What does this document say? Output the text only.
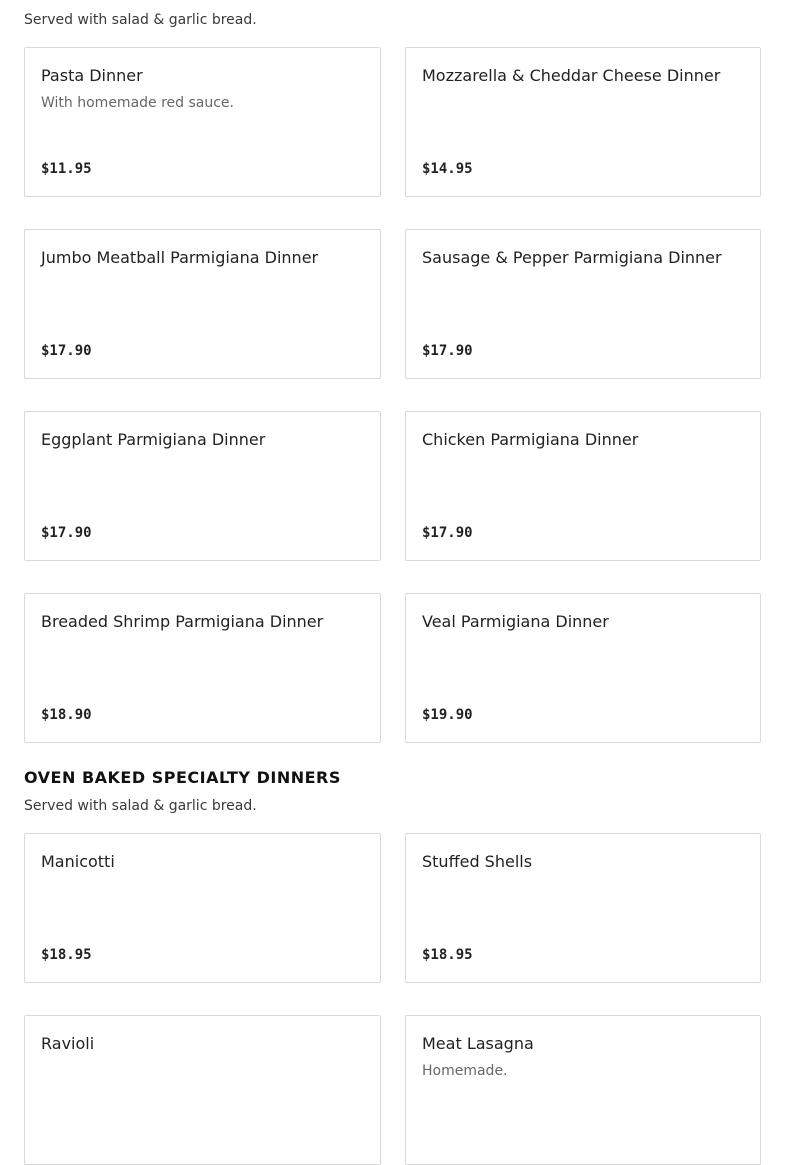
Served with salad & garlic bread.

Pasta Dinner
With homemade red sauce.
$11.95
Mozzarella & Cheddar Cheese Dinner
$14.95
Jumbo Meatball Parmigiana Dinner
$17.90
Sausage & Pepper Parmigiana Dinner
$17.90
Eggplant Parmigiana Dinner
$17.90
Chicken Parmigiana Dinner
$17.90
Breaded Shrimp Parmigiana Dinner
$18.90
Veal Parmigiana Dinner
$19.90
OVEN BAKED SPECIALTY DINNERS

Served with salad & garlic bread.

Manicotti
$18.95
Stuffed Shells
$18.95
Ravioli	Meat Lasagna
Homemade.
